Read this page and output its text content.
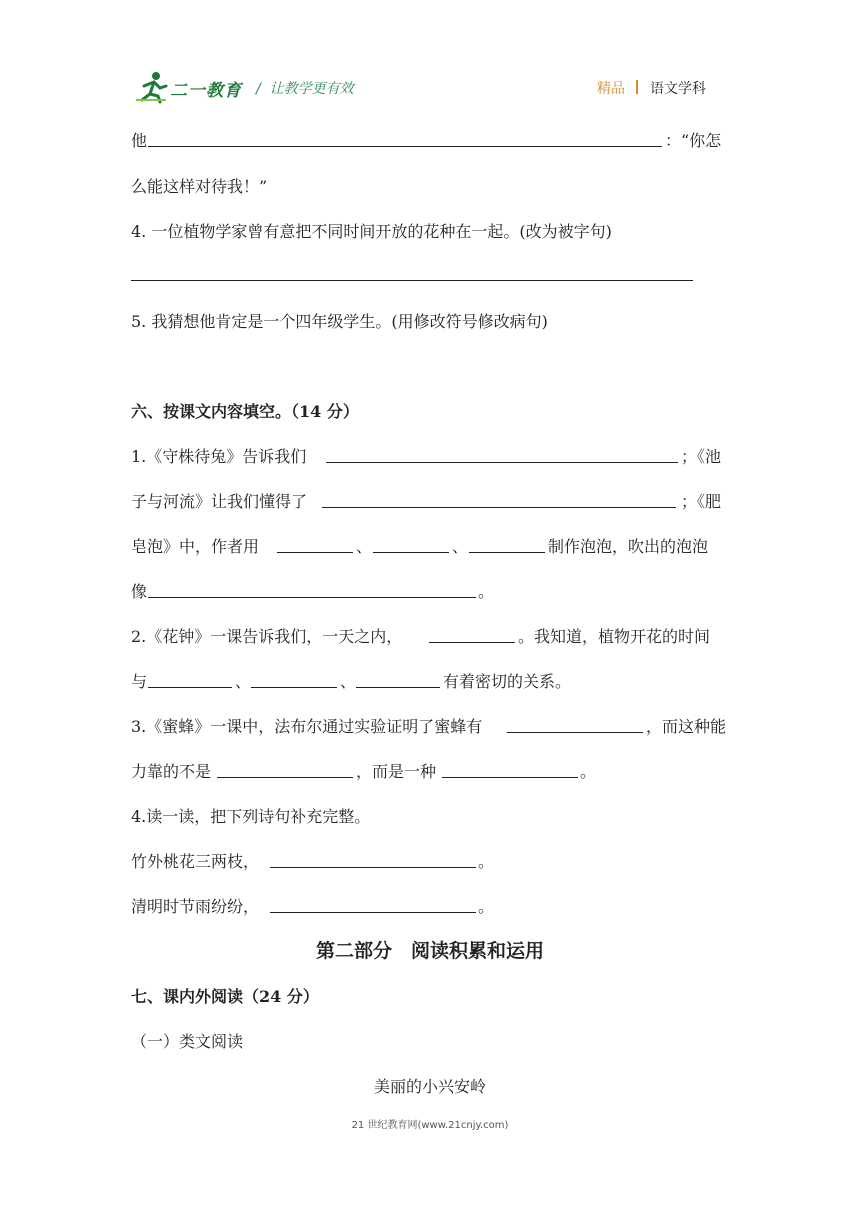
二一教育 / 让教学更有效	精品 语文学科
他	：“你怎
么能这样对待我！”
4. 一位植物学家曾有意把不同时间开放的花种在一起。(改为被字句)
5. 我猜想他肯定是一个四年级学生。(用修改符号修改病句)
六、按课文内容填空。（14 分）
1.《守株待兔》告诉我们	；《池
子与河流》让我们懂得了	；《肥
皂泡》中，作者用	、	、	制作泡泡，吹出的泡泡
像	。
2.《花钟》一课告诉我们，一天之内，	。我知道，植物开花的时间
与	、	、	有着密切的关系。
3.《蜜蜂》一课中，法布尔通过实验证明了蜜蜂有	，而这种能
力靠的不是	，而是一种	。
4.读一读，把下列诗句补充完整。
竹外桃花三两枝，	。
清明时节雨纷纷，	。
第二部分　阅读积累和运用
七、课内外阅读（24 分）
（一）类文阅读
美丽的小兴安岭
21 世纪教育网(www.21cnjy.com)
